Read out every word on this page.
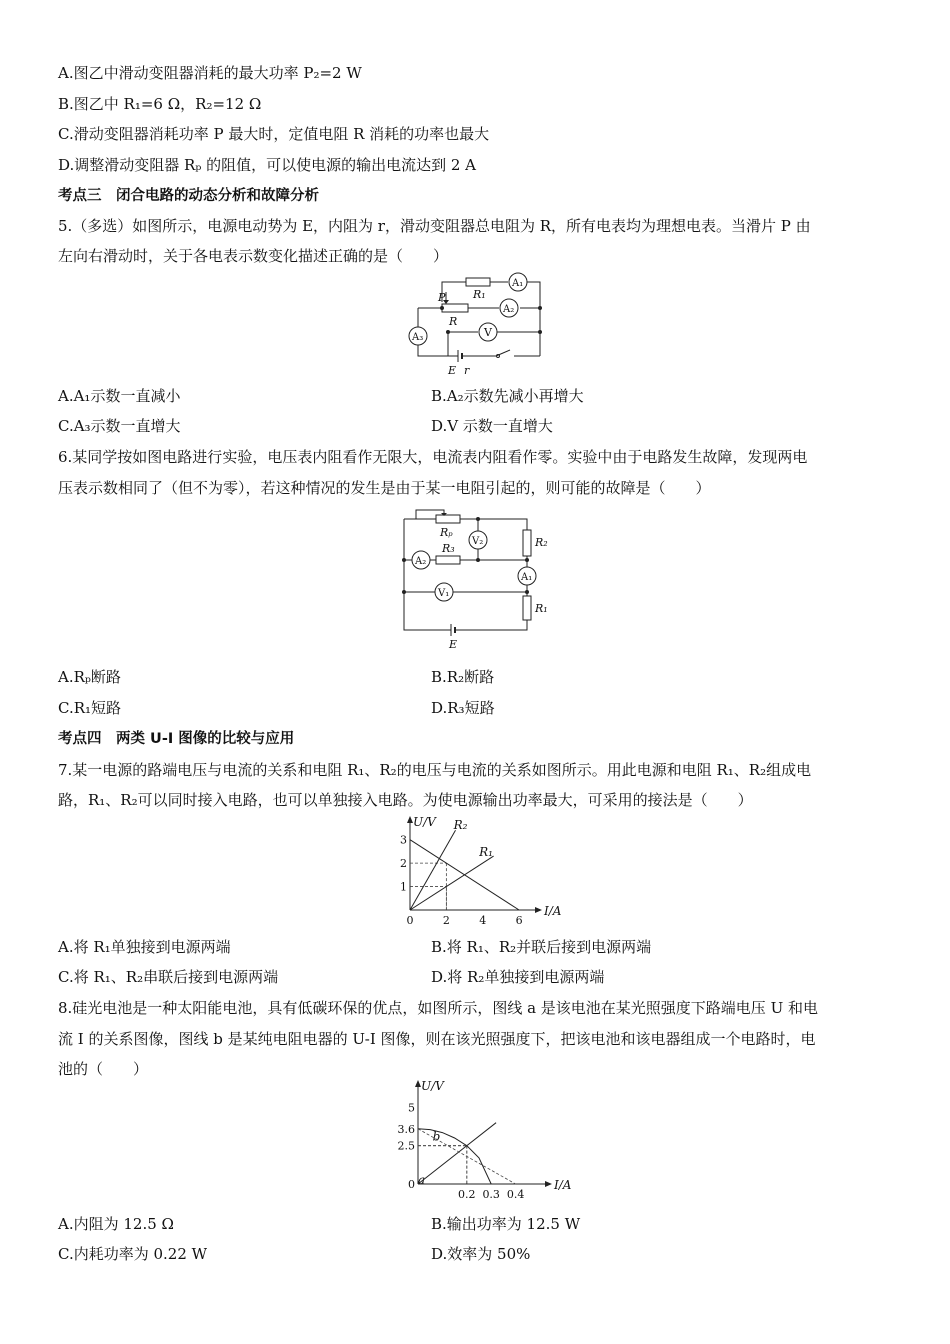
A.图乙中滑动变阻器消耗的最大功率 P₂=2 W
B.图乙中 R₁=6 Ω，R₂=12 Ω
C.滑动变阻器消耗功率 P 最大时，定值电阻 R 消耗的功率也最大
D.调整滑动变阻器 Rₚ 的阻值，可以使电源的输出电流达到 2 A
考点三　闭合电路的动态分析和故障分析
5.（多选）如图所示，电源电动势为 E，内阻为 r，滑动变阻器总电阻为 R，所有电表均为理想电表。当滑片 P 由
左向右滑动时，关于各电表示数变化描述正确的是（　　）
R₁
A₁
P
A₂
R
A₃	V
E r
A.A₁示数一直减小	B.A₂示数先减小再增大
C.A₃示数一直增大	D.V 示数一直增大
6.某同学按如图电路进行实验，电压表内阻看作无限大，电流表内阻看作零。实验中由于电路发生故障，发现两电
压表示数相同了（但不为零），若这种情况的发生是由于某一电阻引起的，则可能的故障是（　　）
Rₚ
V₂	R₂
R₃
A₂
A₁
V₁
R₁
E
A.Rₚ断路	B.R₂断路
C.R₁短路	D.R₃短路
考点四　两类 U-I 图像的比较与应用
7.某一电源的路端电压与电流的关系和电阻 R₁、R₂的电压与电流的关系如图所示。用此电源和电阻 R₁、R₂组成电
路，R₁、R₂可以同时接入电路，也可以单独接入电路。为使电源输出功率最大，可采用的接法是（　　）
I/A
U/V
0	2	4	6
1
2
3
R₂
R₁
A.将 R₁单独接到电源两端	B.将 R₁、R₂并联后接到电源两端
C.将 R₁、R₂串联后接到电源两端	D.将 R₂单独接到电源两端
8.硅光电池是一种太阳能电池，具有低碳环保的优点，如图所示，图线 a 是该电池在某光照强度下路端电压 U 和电
流 I 的关系图像，图线 b 是某纯电阻电器的 U-I 图像，则在该光照强度下，把该电池和该电器组成一个电路时，电
池的（　　）
I/A
U/V
0.2 0.3 0.4
0
2.5
3.6
5
a
b
A.内阻为 12.5 Ω	B.输出功率为 12.5 W
C.内耗功率为 0.22 W	D.效率为 50%
